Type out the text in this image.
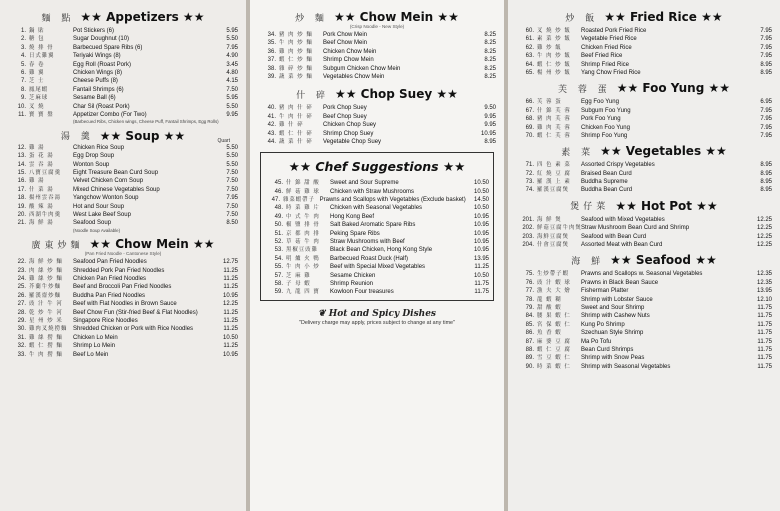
麵 點 ★★ Appetizers ★★
1. 鍋 貼	Pot Stickers (6)	5.95
2. 糖 包	Sugar Doughnut (10)	5.50
3. 燒 排 骨	Barbecued Spare Ribs (6)	7.95
4. 日式雞翼	Teriyaki Wings (8)	4.90
5. 春 卷	Egg Roll (Roast Pork)	3.45
6. 雞 翼	Chicken Wings (8)	4.80
7. 芝 士	Cheese Puffs (8)	4.15
8. 鳳尾蝦	Fantail Shrimps (6)	7.50
9. 芝麻球	Sesame Ball (6)	5.95
10. 叉 燒	Char Sil (Roast Pork)	5.50
11. 寶 寶 盤	Appetizer Combo (For Two)	9.95
(Barbecued Ribs, Chicken wings, Cheese Puff, Fantail Shrimps, Egg Rolls)
湯 羹 ★★ Soup ★★	Quart
12. 雞 湯	Chicken Rice Soup	5.50
13. 蛋 花 湯	Egg Drop Soup	5.50
14. 雲 吞 湯	Wonton Soup	5.50
15. 八寶豆腐羹	Eight Treasure Bean Curd Soup	7.50
16. 雞 湯	Velvet Chicken Corn Soup	7.50
17. 什 菜 湯	Mixed Chinese Vegetables Soup	7.50
18. 揚州雲吞湯	Yangchow Wonton Soup	7.95
19. 酸 辣 湯	Hot and Sour Soup	7.50
20. 西湖牛肉羹	West Lake Beef Soup	7.50
21. 海 鮮 湯	Seafood Soup	8.50
(Noodle Soup Available)
廣東炒麵 ★★ Chow Mein ★★
(Pan Fried Noodle - Cantonese Style)
22. 海 鮮 炒 麵	Seafood Pan Fried Noodles	12.75
23. 肉 絲 炒 麵	Shredded Pork Pan Fried Noodles	11.25
24. 雞 絲 炒 麵	Chicken Pan Fried Noodles	11.25
25. 芥蘭牛炒麵	Beef and Broccoli Pan Fried Noodles	11.25
26. 羅漢齋炒麵	Buddha Pan Fried Noodles	10.95
27. 豉 汁 牛 河	Beef with Flat Noodles in Brown Sauce	12.25
28. 乾 炒 牛 河	Beef Chow Fun (Stir-fried Beef & Flat Noodles)	11.25
29. 星 州 炒 米	Singapore Rice Noodles	11.25
30. 雞肉叉燒撈麵 Shredded Chicken or Pork with Rice Noodles	11.25
31. 雞 絲 撈 麵	Chicken Lo Mein	10.50
32. 蝦 仁 撈 麵	Shrimp Lo Mein	11.25
33. 牛 肉 撈 麵	Beef Lo Mein	10.95
炒 麵 ★★ Chow Mein ★★
(Crisp Noodle - New Style)
34. 豬 肉 炒 麵	Pork Chow Mein	8.25
35. 牛 肉 炒 麵	Beef Chow Mein	8.25
36. 雞 肉 炒 麵	Chicken Chow Mein	8.25
37. 蝦 仁 炒 麵	Shrimp Chow Mein	8.25
38. 雜 碎 炒 麵	Subgum Chicken Chow Mein	8.25
39. 蔬 菜 炒 麵	Vegetables Chow Mein	8.25
什 碎 ★★ Chop Suey ★★
40. 豬 肉 什 碎	Pork Chop Suey	9.50
41. 牛 肉 什 碎	Beef Chop Suey	9.95
42. 雞 什 碎	Chicken Chop Suey	9.95
43. 蝦 仁 什 碎	Shrimp Chop Suey	10.95
44. 蔬 菜 什 碎	Vegetable Chop Suey	8.95
★★ Chef Suggestions ★★
45. 什 錦 甜 酸	Sweet and Sour Supreme	10.50
46. 鮮 菇 雞 球	Chicken with Straw Mushrooms	10.50
47. 雜菜蝦帶子 Prawns and Scallops with Vegetables (Exclude basket)	14.50
48. 時 菜 雞 片	Chicken with Seasonal Vegetables	10.50
49. 中 式 牛 肉	Hong Kong Beef	10.95
50. 椒 鹽 排 骨	Salt Baked Aromatic Spare Ribs	10.95
51. 京 都 肉 排	Peking Spare Ribs	10.95
52. 草 菇 牛 肉	Straw Mushrooms with Beef	10.95
53. 黑椒豆豉雞	Black Bean Chicken, Hong Kong Style	10.95
54. 明 爐 火 鴨	Barbecued Roast Duck (Half)	13.95
55. 牛 肉 小 炒	Beef with Special Mixed Vegetables	11.25
57. 芝 麻 雞	Sesame Chicken	10.50
58. 子 母 蝦	Shrimp Reunion	11.75
59. 九 龍 四 寶	Kowloon Four treasures	11.75
❦ Hot and Spicy Dishes
"Delivery charge may apply, prices subject to change at any time"
炒 飯 ★★ Fried Rice ★★
60. 叉 燒 炒 飯	Roasted Pork Fried Rice	7.95
61. 素 菜 炒 飯	Vegetable Fried Rice	7.95
62. 雞 炒 飯	Chicken Fried Rice	7.95
63. 牛 肉 炒 飯	Beef Fried Rice	7.95
64. 蝦 仁 炒 飯	Shrimp Fried Rice	8.95
65. 楊 州 炒 飯	Yang Chow Fried Rice	8.95
芙 蓉 蛋 ★★ Foo Yung ★★
66. 芙 蓉 蛋	Egg Foo Yung	6.95
67. 什 錦 芙 蓉	Subgum Foo Yung	7.95
68. 豬 肉 芙 蓉	Pork Foo Yung	7.95
69. 雞 肉 芙 蓉	Chicken Foo Yung	7.95
70. 蝦 仁 芙 蓉	Shrimp Foo Yung	7.95
素 菜 ★★ Vegetables ★★
71. 四 色 素 菜	Assorted Crispy Vegetables	8.95
72. 紅 燒 豆 腐	Braised Bean Curd	8.95
73. 羅 漢 上 素	Buddha Supreme	8.95
74. 羅漢豆腐煲	Buddha Bean Curd	8.95
煲仔菜 ★★ Hot Pot ★★
201. 海 鮮 煲	Seafood with Mixed Vegetables	12.25
202. 鮮菇豆腐牛肉煲 Straw Mushroom Bean Curd and Shrimp	12.25
203. 海鮮豆腐煲	Seafood with Bean Curd	12.25
204. 什會豆腐煲	Assorted Meat with Bean Curd	12.25
海 鮮 ★★ Seafood ★★
75. 生炒帶子蝦	Prawns and Scallops w. Seasonal Vegetables	12.35
76. 豉 汁 蝦 球	Prawns in Black Bean Sauce	12.35
77. 漁 夫 大 燴	Fisherman Platter	13.95
78. 龍 蝦 糊	Shrimp with Lobster Sauce	12.10
79. 甜 酸 蝦	Sweet and Sour Shrimp	11.75
84. 腰 果 蝦 仁	Shrimp with Cashew Nuts	11.75
85. 宮 保 蝦 仁	Kung Po Shrimp	11.75
86. 魚 香 蝦	Szechuan Style Shrimp	11.75
87. 麻 婆 豆 腐	Ma Po Tofu	11.75
88. 蝦 仁 豆 腐	Bean Curd Shrimps	11.75
89. 雪 豆 蝦 仁	Shrimp with Snow Peas	11.75
90. 時 菜 蝦 仁	Shrimp with Seasonal Vegetables	11.75
